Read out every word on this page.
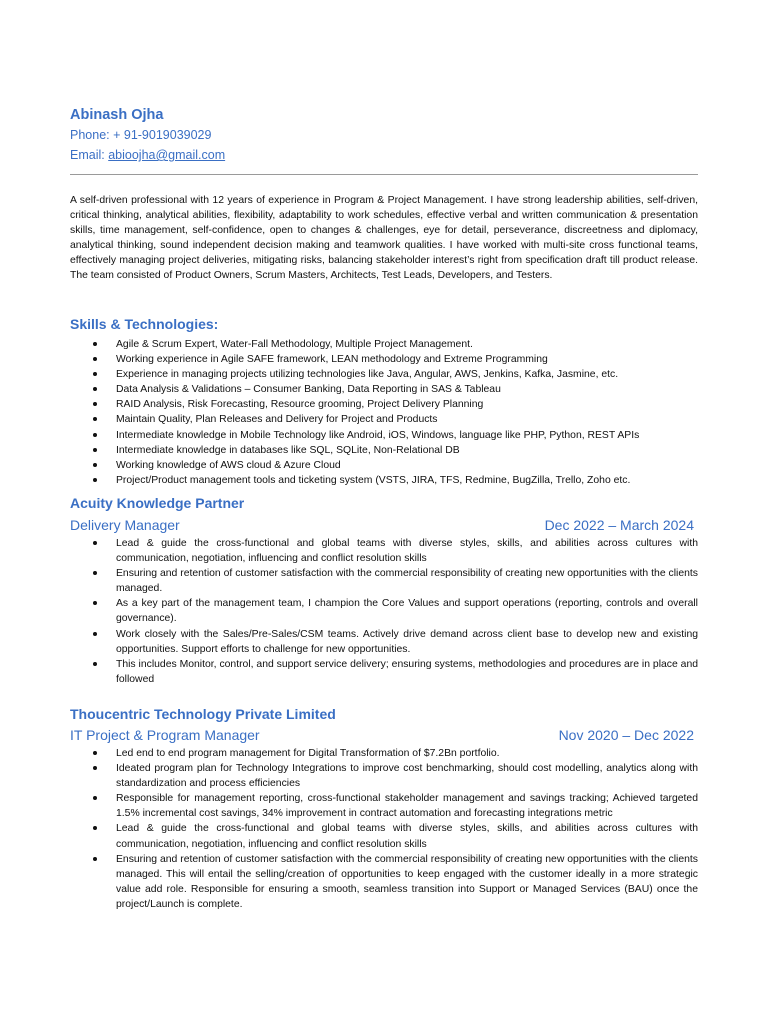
Abinash Ojha
Phone: + 91-9019039029
Email: abioojha@gmail.com

A self-driven professional with 12 years of experience in Program & Project Management. I have strong leadership abilities, self-driven, critical thinking, analytical abilities, flexibility, adaptability to work schedules, effective verbal and written communication & presentation skills, time management, self-confidence, open to changes & challenges, eye for detail, perseverance, discreetness and diplomacy, analytical thinking, sound independent decision making and teamwork qualities. I have worked with multi-site cross functional teams, effectively managing project deliveries, mitigating risks, balancing stakeholder interest’s right from specification draft till product release. The team consisted of Product Owners, Scrum Masters, Architects, Test Leads, Developers, and Testers.

Skills & Technologies:
Agile & Scrum Expert, Water-Fall Methodology, Multiple Project Management.
Working experience in Agile SAFE framework, LEAN methodology and Extreme Programming
Experience in managing projects utilizing technologies like Java, Angular, AWS, Jenkins, Kafka, Jasmine, etc.
Data Analysis & Validations – Consumer Banking, Data Reporting in SAS & Tableau
RAID Analysis, Risk Forecasting, Resource grooming, Project Delivery Planning
Maintain Quality, Plan Releases and Delivery for Project and Products
Intermediate knowledge in Mobile Technology like Android, iOS, Windows, language like PHP, Python, REST APIs
Intermediate knowledge in databases like SQL, SQLite, Non-Relational DB
Working knowledge of AWS cloud & Azure Cloud
Project/Product management tools and ticketing system (VSTS, JIRA, TFS, Redmine, BugZilla, Trello, Zoho etc.
Acuity Knowledge Partner
Delivery Manager	Dec 2022 – March 2024
Lead & guide the cross-functional and global teams with diverse styles, skills, and abilities across cultures with communication, negotiation, influencing and conflict resolution skills
Ensuring and retention of customer satisfaction with the commercial responsibility of creating new opportunities with the clients managed.
As a key part of the management team, I champion the Core Values and support operations (reporting, controls and overall governance).
Work closely with the Sales/Pre-Sales/CSM teams. Actively drive demand across client base to develop new and existing opportunities. Support efforts to challenge for new opportunities.
This includes Monitor, control, and support service delivery; ensuring systems, methodologies and procedures are in place and followed
Thoucentric Technology Private Limited
IT Project & Program Manager	Nov 2020 – Dec 2022
Led end to end program management for Digital Transformation of $7.2Bn portfolio.
Ideated program plan for Technology Integrations to improve cost benchmarking, should cost modelling, analytics along with standardization and process efficiencies
Responsible for management reporting, cross-functional stakeholder management and savings tracking; Achieved targeted 1.5% incremental cost savings, 34% improvement in contract automation and forecasting integrations metric
Lead & guide the cross-functional and global teams with diverse styles, skills, and abilities across cultures with communication, negotiation, influencing and conflict resolution skills
Ensuring and retention of customer satisfaction with the commercial responsibility of creating new opportunities with the clients managed. This will entail the selling/creation of opportunities to keep engaged with the customer ideally in a more strategic value add role. Responsible for ensuring a smooth, seamless transition into Support or Managed Services (BAU) once the project/Launch is complete.
